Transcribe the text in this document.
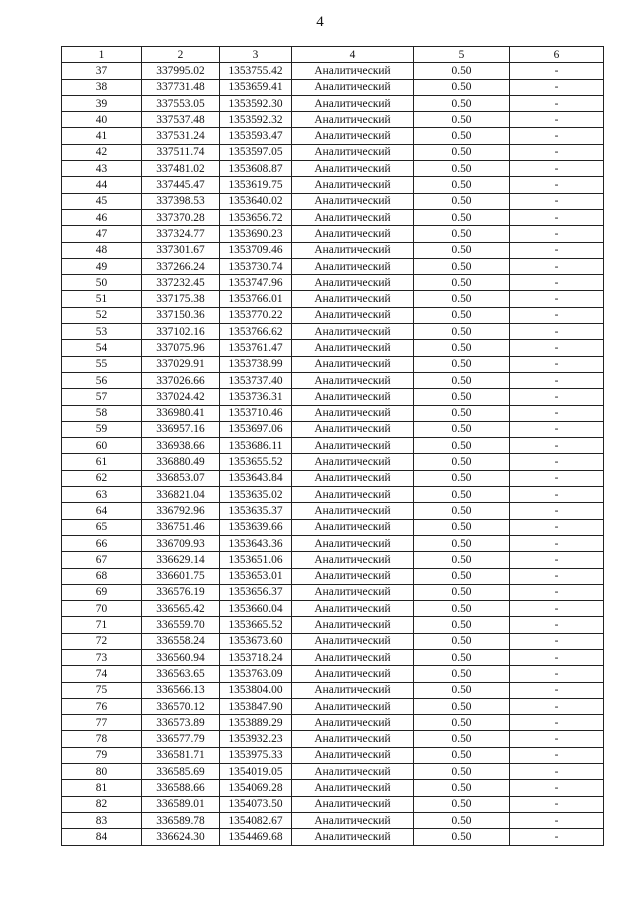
4
1	2	3	4	5	6
37	337995.02	1353755.42	Аналитический	0.50	-
38	337731.48	1353659.41	Аналитический	0.50	-
39	337553.05	1353592.30	Аналитический	0.50	-
40	337537.48	1353592.32	Аналитический	0.50	-
41	337531.24	1353593.47	Аналитический	0.50	-
42	337511.74	1353597.05	Аналитический	0.50	-
43	337481.02	1353608.87	Аналитический	0.50	-
44	337445.47	1353619.75	Аналитический	0.50	-
45	337398.53	1353640.02	Аналитический	0.50	-
46	337370.28	1353656.72	Аналитический	0.50	-
47	337324.77	1353690.23	Аналитический	0.50	-
48	337301.67	1353709.46	Аналитический	0.50	-
49	337266.24	1353730.74	Аналитический	0.50	-
50	337232.45	1353747.96	Аналитический	0.50	-
51	337175.38	1353766.01	Аналитический	0.50	-
52	337150.36	1353770.22	Аналитический	0.50	-
53	337102.16	1353766.62	Аналитический	0.50	-
54	337075.96	1353761.47	Аналитический	0.50	-
55	337029.91	1353738.99	Аналитический	0.50	-
56	337026.66	1353737.40	Аналитический	0.50	-
57	337024.42	1353736.31	Аналитический	0.50	-
58	336980.41	1353710.46	Аналитический	0.50	-
59	336957.16	1353697.06	Аналитический	0.50	-
60	336938.66	1353686.11	Аналитический	0.50	-
61	336880.49	1353655.52	Аналитический	0.50	-
62	336853.07	1353643.84	Аналитический	0.50	-
63	336821.04	1353635.02	Аналитический	0.50	-
64	336792.96	1353635.37	Аналитический	0.50	-
65	336751.46	1353639.66	Аналитический	0.50	-
66	336709.93	1353643.36	Аналитический	0.50	-
67	336629.14	1353651.06	Аналитический	0.50	-
68	336601.75	1353653.01	Аналитический	0.50	-
69	336576.19	1353656.37	Аналитический	0.50	-
70	336565.42	1353660.04	Аналитический	0.50	-
71	336559.70	1353665.52	Аналитический	0.50	-
72	336558.24	1353673.60	Аналитический	0.50	-
73	336560.94	1353718.24	Аналитический	0.50	-
74	336563.65	1353763.09	Аналитический	0.50	-
75	336566.13	1353804.00	Аналитический	0.50	-
76	336570.12	1353847.90	Аналитический	0.50	-
77	336573.89	1353889.29	Аналитический	0.50	-
78	336577.79	1353932.23	Аналитический	0.50	-
79	336581.71	1353975.33	Аналитический	0.50	-
80	336585.69	1354019.05	Аналитический	0.50	-
81	336588.66	1354069.28	Аналитический	0.50	-
82	336589.01	1354073.50	Аналитический	0.50	-
83	336589.78	1354082.67	Аналитический	0.50	-
84	336624.30	1354469.68	Аналитический	0.50	-
